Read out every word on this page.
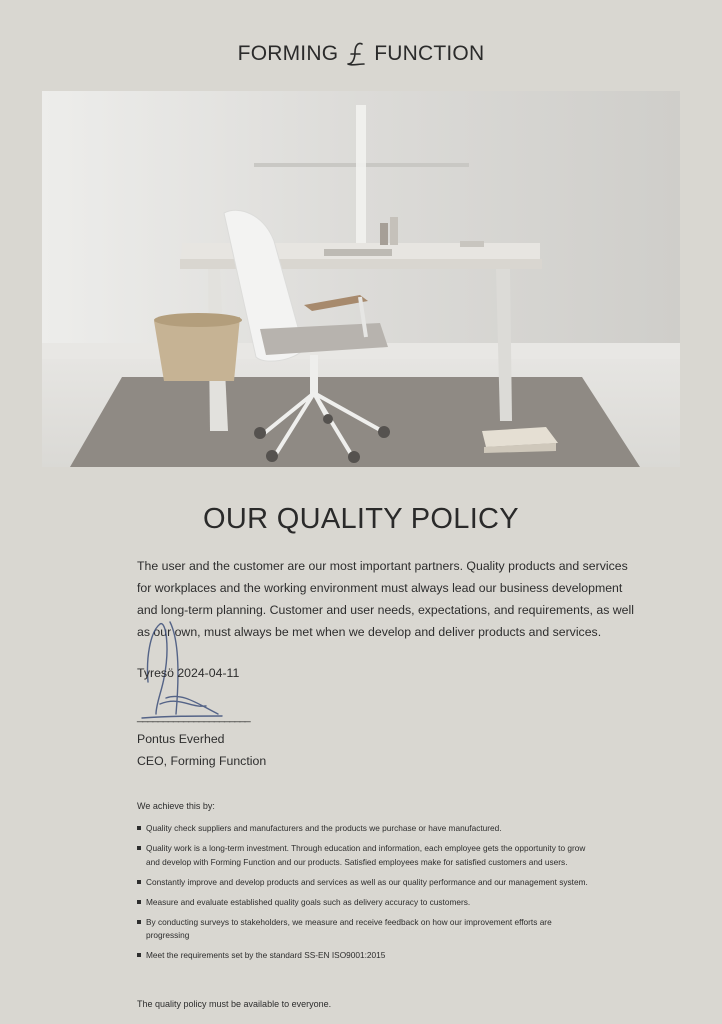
FORMING FUNCTION
OUR QUALITY POLICY

The user and the customer are our most important partners. Quality products and services for workplaces and the working environment must always lead our business development and long-term planning. Customer and user needs, expectations, and requirements, as well as our own, must always be met when we develop and deliver products and services.

Tyresö 2024-04-11
______________________
Pontus Everhed
CEO, Forming Function
We achieve this by:
Quality check suppliers and manufacturers and the products we purchase or have manufactured.
Quality work is a long-term investment. Through education and information, each employee gets the opportunity to grow and develop with Forming Function and our products. Satisfied employees make for satisfied customers and users.
Constantly improve and develop products and services as well as our quality performance and our management system.
Measure and evaluate established quality goals such as delivery accuracy to customers.
By conducting surveys to stakeholders, we measure and receive feedback on how our improvement efforts are progressing
Meet the requirements set by the standard SS-EN ISO9001:2015
The quality policy must be available to everyone.
